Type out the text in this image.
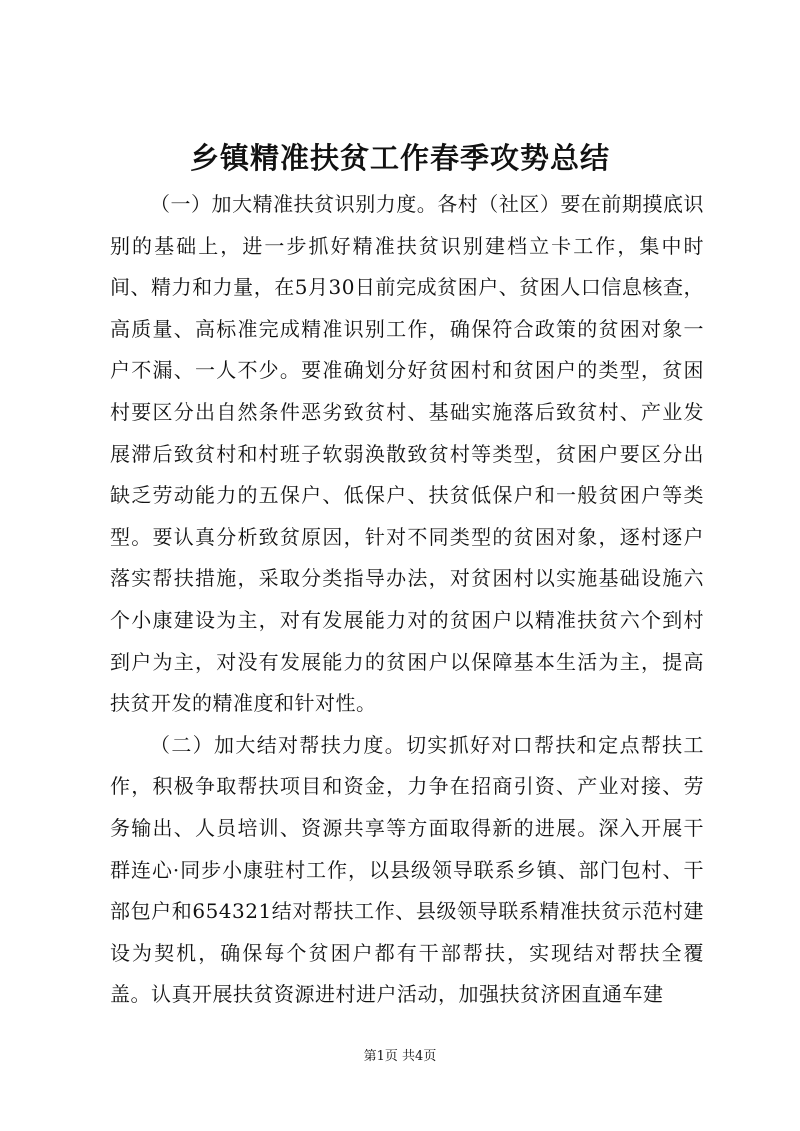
乡镇精准扶贫工作春季攻势总结

（一）加大精准扶贫识别力度。各村（社区）要在前期摸底识别的基础上，进一步抓好精准扶贫识别建档立卡工作，集中时间、精力和力量，在5月30日前完成贫困户、贫困人口信息核查，高质量、高标准完成精准识别工作，确保符合政策的贫困对象一户不漏、一人不少。要准确划分好贫困村和贫困户的类型，贫困村要区分出自然条件恶劣致贫村、基础实施落后致贫村、产业发展滞后致贫村和村班子软弱涣散致贫村等类型，贫困户要区分出缺乏劳动能力的五保户、低保户、扶贫低保户和一般贫困户等类型。要认真分析致贫原因，针对不同类型的贫困对象，逐村逐户落实帮扶措施，采取分类指导办法，对贫困村以实施基础设施六个小康建设为主，对有发展能力对的贫困户以精准扶贫六个到村到户为主，对没有发展能力的贫困户以保障基本生活为主，提高扶贫开发的精准度和针对性。

（二）加大结对帮扶力度。切实抓好对口帮扶和定点帮扶工作，积极争取帮扶项目和资金，力争在招商引资、产业对接、劳务输出、人员培训、资源共享等方面取得新的进展。深入开展干群连心·同步小康驻村工作，以县级领导联系乡镇、部门包村、干部包户和654321结对帮扶工作、县级领导联系精准扶贫示范村建设为契机，确保每个贫困户都有干部帮扶，实现结对帮扶全覆盖。认真开展扶贫资源进村进户活动，加强扶贫济困直通车建

第1页 共4页
